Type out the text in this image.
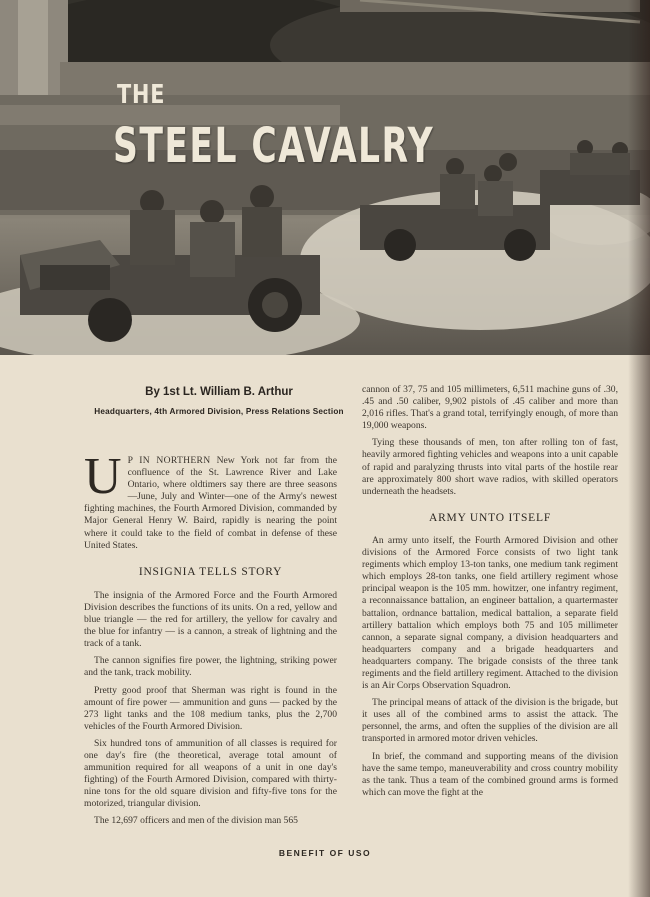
THE
STEEL CAVALRY
By 1st Lt. William B. Arthur
Headquarters, 4th Armored Division, Press Relations Section

U P IN NORTHERN New York not far from the confluence of the St. Lawrence River and Lake Ontario, where oldtimers say there are three seasons—June, July and Winter—one of the Army's newest fighting machines, the Fourth Armored Division, commanded by Major General Henry W. Baird, rapidly is nearing the point where it could take to the field of combat in defense of these United States.

INSIGNIA TELLS STORY

The insignia of the Armored Force and the Fourth Armored Division describes the functions of its units. On a red, yellow and blue triangle — the red for artillery, the yellow for cavalry and the blue for infantry — is a cannon, a streak of lightning and the track of a tank.

The cannon signifies fire power, the lightning, striking power and the tank, track mobility.

Pretty good proof that Sherman was right is found in the amount of fire power — ammunition and guns — packed by the 273 light tanks and the 108 medium tanks, plus the 2,700 vehicles of the Fourth Armored Division.

Six hundred tons of ammunition of all classes is required for one day's fire (the theoretical, average total amount of ammunition required for all weapons of a unit in one day's fighting) of the Fourth Armored Division, compared with thirty-nine tons for the old square division and fifty-five tons for the motorized, triangular division.

The 12,697 officers and men of the division man 565

cannon of 37, 75 and 105 millimeters, 6,511 machine guns of .30, .45 and .50 caliber, 9,902 pistols of .45 caliber and more than 2,016 rifles. That's a grand total, terrifyingly enough, of more than 19,000 weapons.

Tying these thousands of men, ton after rolling ton of fast, heavily armored fighting vehicles and weapons into a unit capable of rapid and paralyzing thrusts into vital parts of the hostile rear are approximately 800 short wave radios, with skilled operators underneath the headsets.

ARMY UNTO ITSELF

An army unto itself, the Fourth Armored Division and other divisions of the Armored Force consists of two light tank regiments which employ 13-ton tanks, one medium tank regiment which employs 28-ton tanks, one field artillery regiment whose principal weapon is the 105 mm. howitzer, one infantry regiment, a reconnaissance battalion, an engineer battalion, a quartermaster battalion, ordnance battalion, medical battalion, a separate field artillery battalion which employs both 75 and 105 millimeter cannon, a separate signal company, a division headquarters and headquarters company and a brigade headquarters and headquarters company. The brigade consists of the three tank regiments and the field artillery regiment. Attached to the division is an Air Corps Observation Squadron.

The principal means of attack of the division is the brigade, but it uses all of the combined arms to assist the attack. The personnel, the arms, and often the supplies of the division are all transported in armored motor driven vehicles.

In brief, the command and supporting means of the division have the same tempo, maneuverability and cross country mobility as the tank. Thus a team of the combined ground arms is formed which can move the fight at the

BENEFIT OF USO
